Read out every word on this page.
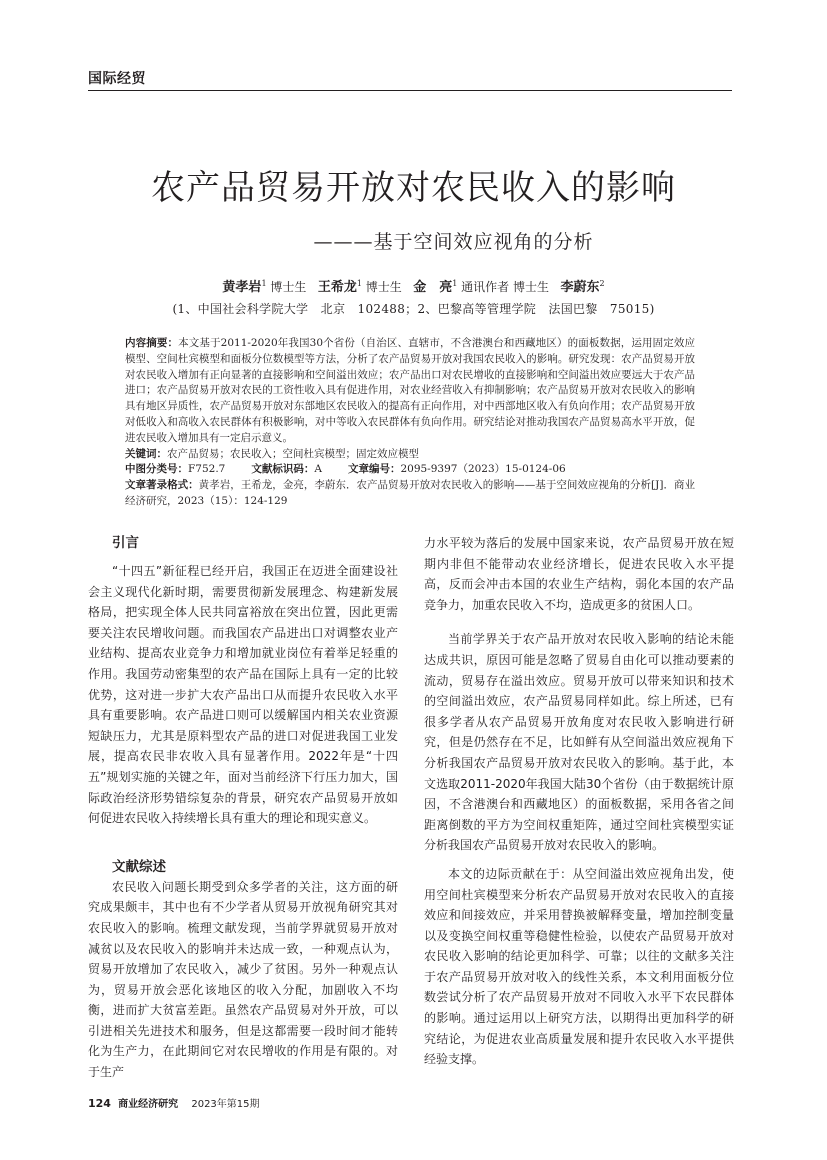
国际经贸
农产品贸易开放对农民收入的影响
———基于空间效应视角的分析
黄孝岩$^1$ 博士生 王希龙$^1$ 博士生 金　亮$^1$ 通讯作者 博士生 李蔚东$^2$
(1、中国社会科学院大学　北京　102488；2、巴黎高等管理学院　法国巴黎　75015)

内容摘要：本文基于2011-2020年我国30个省份（自治区、直辖市，不含港澳台和西藏地区）的面板数据，运用固定效应模型、空间杜宾模型和面板分位数模型等方法，分析了农产品贸易开放对我国农民收入的影响。研究发现：农产品贸易开放对农民收入增加有正向显著的直接影响和空间溢出效应；农产品出口对农民增收的直接影响和空间溢出效应要远大于农产品进口；农产品贸易开放对农民的工资性收入具有促进作用，对农业经营收入有抑制影响；农产品贸易开放对农民收入的影响具有地区异质性，农产品贸易开放对东部地区农民收入的提高有正向作用，对中西部地区收入有负向作用；农产品贸易开放对低收入和高收入农民群体有积极影响，对中等收入农民群体有负向作用。研究结论对推动我国农产品贸易高水平开放，促进农民收入增加具有一定启示意义。

关键词：农产品贸易；农民收入；空间杜宾模型；固定效应模型

中图分类号：F752.7 文献标识码：A 文章编号：2095-9397（2023）15-0124-06

文章著录格式：黄孝岩，王希龙，金亮，李蔚东．农产品贸易开放对农民收入的影响——基于空间效应视角的分析[J]．商业经济研究，2023（15）：124-129

引言

“十四五”新征程已经开启，我国正在迈进全面建设社会主义现代化新时期，需要贯彻新发展理念、构建新发展格局，把实现全体人民共同富裕放在突出位置，因此更需要关注农民增收问题。而我国农产品进出口对调整农业产业结构、提高农业竞争力和增加就业岗位有着举足轻重的作用。我国劳动密集型的农产品在国际上具有一定的比较优势，这对进一步扩大农产品出口从而提升农民收入水平具有重要影响。农产品进口则可以缓解国内相关农业资源短缺压力，尤其是原料型农产品的进口对促进我国工业发展，提高农民非农收入具有显著作用。2022年是“十四五”规划实施的关键之年，面对当前经济下行压力加大，国际政治经济形势错综复杂的背景，研究农产品贸易开放如何促进农民收入持续增长具有重大的理论和现实意义。

文献综述

农民收入问题长期受到众多学者的关注，这方面的研究成果颇丰，其中也有不少学者从贸易开放视角研究其对农民收入的影响。梳理文献发现，当前学界就贸易开放对减贫以及农民收入的影响并未达成一致，一种观点认为，贸易开放增加了农民收入，减少了贫困。另外一种观点认为，贸易开放会恶化该地区的收入分配，加剧收入不均衡，进而扩大贫富差距。虽然农产品贸易对外开放，可以引进相关先进技术和服务，但是这都需要一段时间才能转化为生产力，在此期间它对农民增收的作用是有限的。对于生产

力水平较为落后的发展中国家来说，农产品贸易开放在短期内非但不能带动农业经济增长，促进农民收入水平提高，反而会冲击本国的农业生产结构，弱化本国的农产品竞争力，加重农民收入不均，造成更多的贫困人口。

当前学界关于农产品开放对农民收入影响的结论未能达成共识，原因可能是忽略了贸易自由化可以推动要素的流动，贸易存在溢出效应。贸易开放可以带来知识和技术的空间溢出效应，农产品贸易同样如此。综上所述，已有很多学者从农产品贸易开放角度对农民收入影响进行研究，但是仍然存在不足，比如鲜有从空间溢出效应视角下分析我国农产品贸易开放对农民收入的影响。基于此，本文选取2011-2020年我国大陆30个省份（由于数据统计原因，不含港澳台和西藏地区）的面板数据，采用各省之间距离倒数的平方为空间权重矩阵，通过空间杜宾模型实证分析我国农产品贸易开放对农民收入的影响。

本文的边际贡献在于：从空间溢出效应视角出发，使用空间杜宾模型来分析农产品贸易开放对农民收入的直接效应和间接效应，并采用替换被解释变量，增加控制变量以及变换空间权重等稳健性检验，以使农产品贸易开放对农民收入影响的结论更加科学、可靠；以往的文献多关注于农产品贸易开放对收入的线性关系，本文利用面板分位数尝试分析了农产品贸易开放对不同收入水平下农民群体的影响。通过运用以上研究方法，以期得出更加科学的研究结论，为促进农业高质量发展和提升农民收入水平提供经验支撑。

124 商业经济研究 2023年第15期
